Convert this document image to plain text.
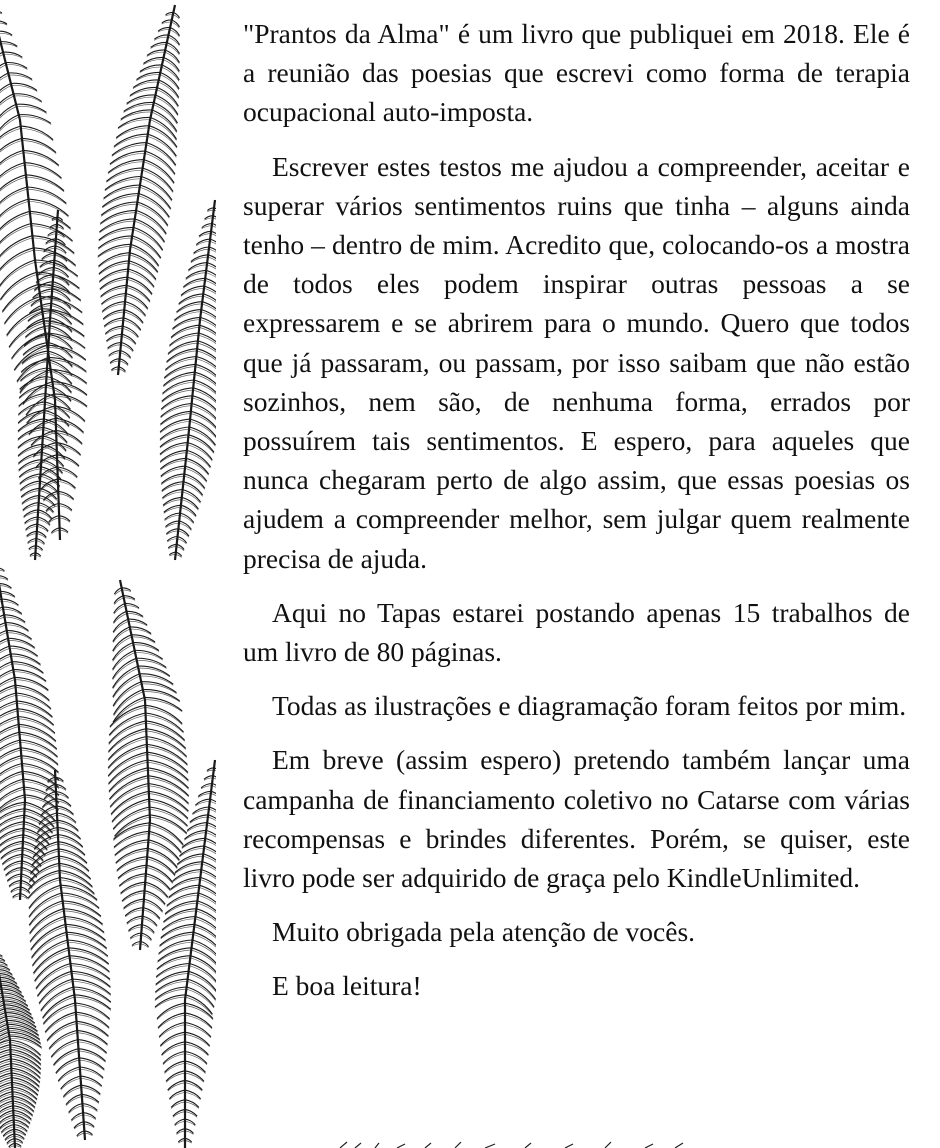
"Prantos da Alma" é um livro que publiquei em 2018. Ele é a reunião das poesias que escrevi como forma de terapia ocupacional auto-imposta.

Escrever estes testos me ajudou a compreender, aceitar e superar vários sentimentos ruins que tinha – alguns ainda tenho – dentro de mim. Acredito que, colocando-os a mostra de todos eles podem inspirar outras pessoas a se expressarem e se abrirem para o mundo. Quero que todos que já passaram, ou passam, por isso saibam que não estão sozinhos, nem são, de nenhuma forma, errados por possuírem tais sentimentos. E espero, para aqueles que nunca chegaram perto de algo assim, que essas poesias os ajudem a compreender melhor, sem julgar quem realmente precisa de ajuda.

Aqui no Tapas estarei postando apenas 15 trabalhos de um livro de 80 páginas.

Todas as ilustrações e diagramação foram feitos por mim.

Em breve (assim espero) pretendo também lançar uma campanha de financiamento coletivo no Catarse com várias recompensas e brindes diferentes. Porém, se quiser, este livro pode ser adquirido de graça pelo KindleUnlimited.

Muito obrigada pela atenção de vocês.

E boa leitura!
